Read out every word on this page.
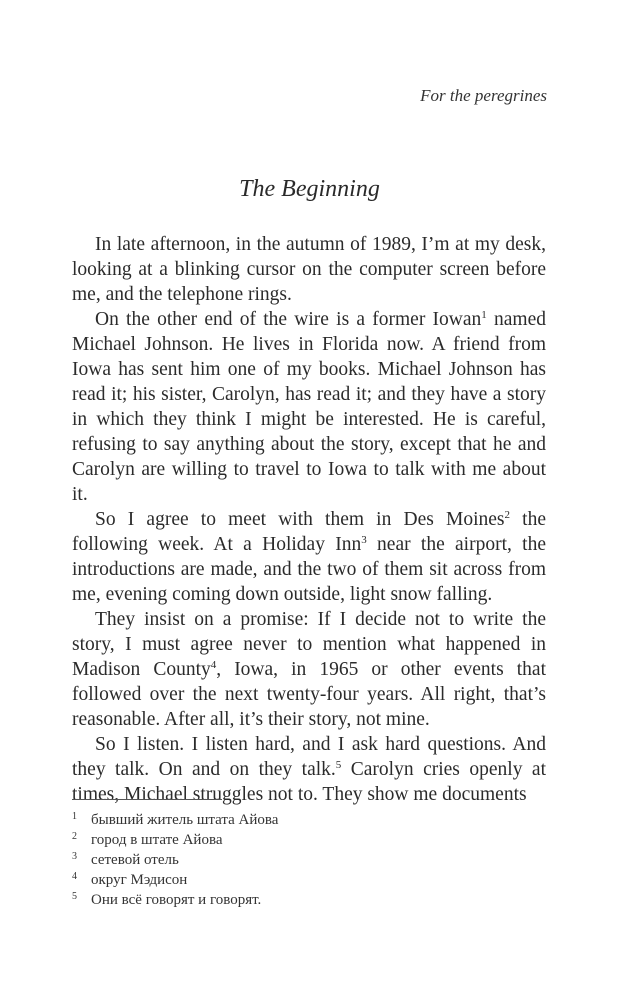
For the peregrines
The Beginning

In late afternoon, in the autumn of 1989, I’m at my desk, looking at a blinking cursor on the computer screen before me, and the telephone rings.

On the other end of the wire is a former Iowan$^1$ named Michael Johnson. He lives in Florida now. A friend from Iowa has sent him one of my books. Michael Johnson has read it; his sister, Carolyn, has read it; and they have a story in which they think I might be interested. He is careful, refusing to say anything about the story, except that he and Carolyn are willing to travel to Iowa to talk with me about it.

So I agree to meet with them in Des Moines$^2$ the following week. At a Holiday Inn$^3$ near the airport, the introductions are made, and the two of them sit across from me, evening coming down outside, light snow falling.

They insist on a promise: If I decide not to write the story, I must agree never to mention what happened in Madison County$^4$, Iowa, in 1965 or other events that followed over the next twenty-four years. All right, that’s reasonable. After all, it’s their story, not mine.

So I listen. I listen hard, and I ask hard questions. And they talk. On and on they talk.$^5$ Carolyn cries openly at times, Michael struggles not to. They show me documents

1 бывший житель штата Айова
2 город в штате Айова
3 сетевой отель
4 округ Мэдисон
5 Они всё говорят и говорят.
